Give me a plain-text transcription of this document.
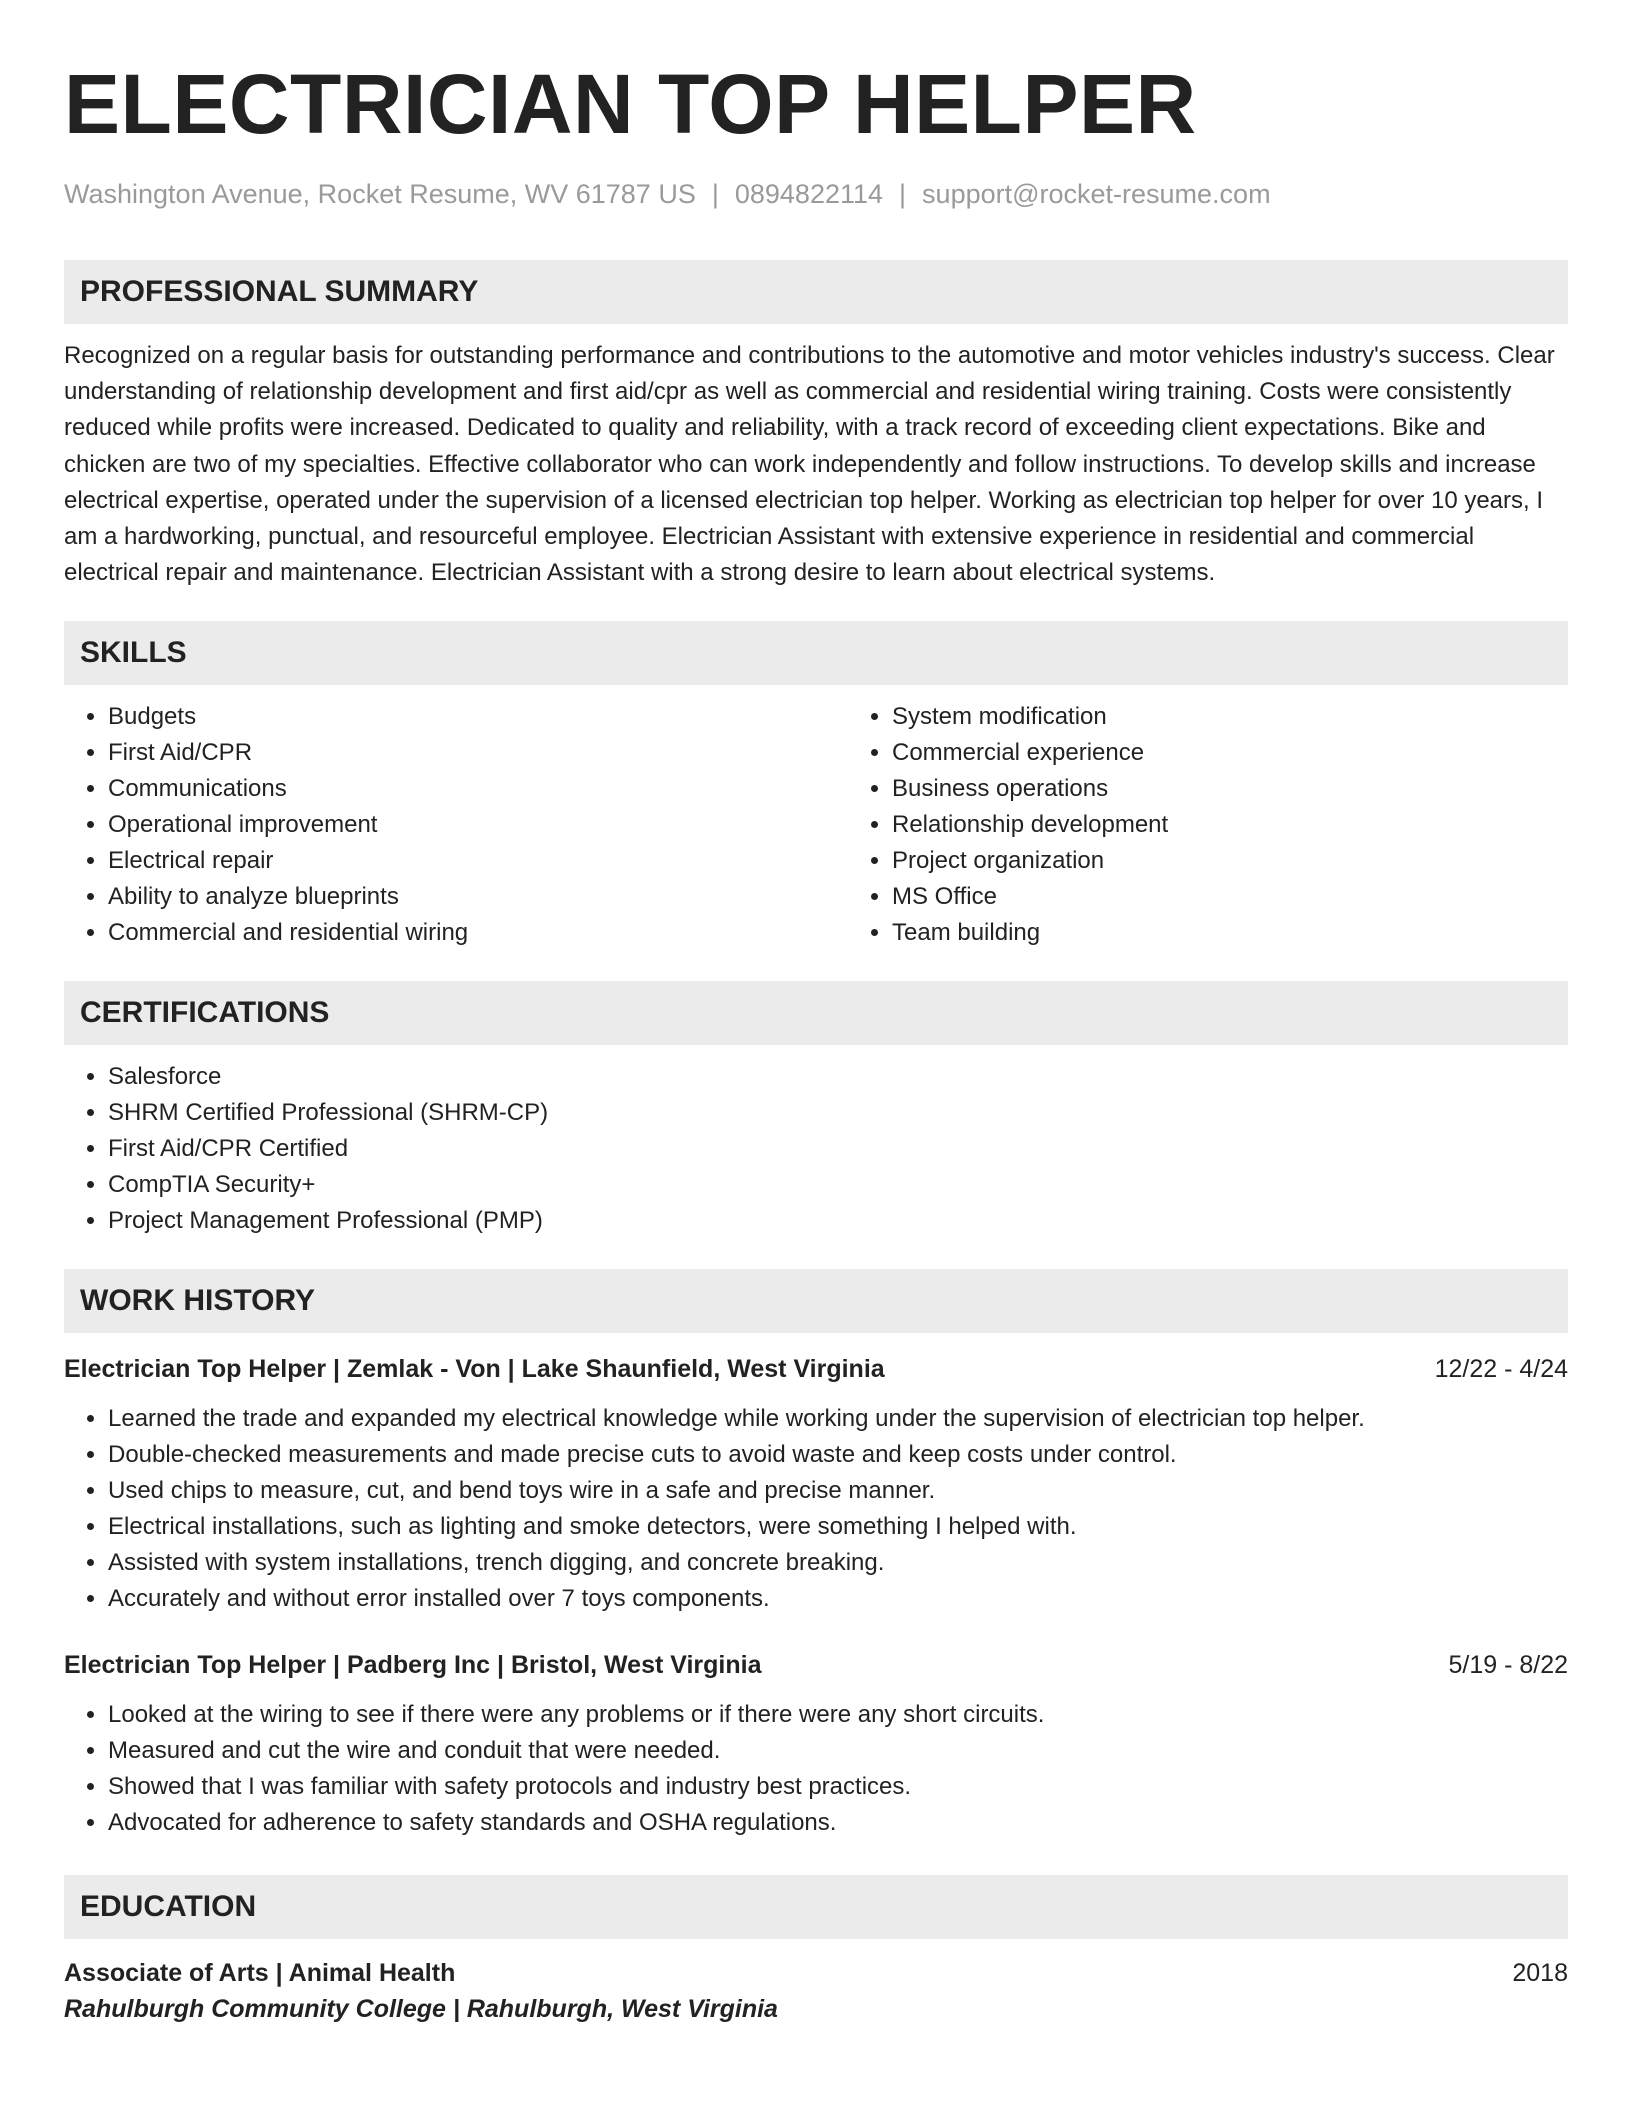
ELECTRICIAN TOP HELPER
Washington Avenue, Rocket Resume, WV 61787 US | 0894822114 | support@rocket-resume.com
PROFESSIONAL SUMMARY

Recognized on a regular basis for outstanding performance and contributions to the automotive and motor vehicles industry's success. Clear understanding of relationship development and first aid/cpr as well as commercial and residential wiring training. Costs were consistently reduced while profits were increased. Dedicated to quality and reliability, with a track record of exceeding client expectations. Bike and chicken are two of my specialties. Effective collaborator who can work independently and follow instructions. To develop skills and increase electrical expertise, operated under the supervision of a licensed electrician top helper. Working as electrician top helper for over 10 years, I am a hardworking, punctual, and resourceful employee. Electrician Assistant with extensive experience in residential and commercial electrical repair and maintenance. Electrician Assistant with a strong desire to learn about electrical systems.

SKILLS
• Budgets
• First Aid/CPR
• Communications
• Operational improvement
• Electrical repair
• Ability to analyze blueprints
• Commercial and residential wiring
• System modification
• Commercial experience
• Business operations
• Relationship development
• Project organization
• MS Office
• Team building
CERTIFICATIONS
• Salesforce
• SHRM Certified Professional (SHRM-CP)
• First Aid/CPR Certified
• CompTIA Security+
• Project Management Professional (PMP)
WORK HISTORY
Electrician Top Helper | Zemlak - Von | Lake Shaunfield, West Virginia	12/22 - 4/24
• Learned the trade and expanded my electrical knowledge while working under the supervision of electrician top helper.
• Double-checked measurements and made precise cuts to avoid waste and keep costs under control.
• Used chips to measure, cut, and bend toys wire in a safe and precise manner.
• Electrical installations, such as lighting and smoke detectors, were something I helped with.
• Assisted with system installations, trench digging, and concrete breaking.
• Accurately and without error installed over 7 toys components.
Electrician Top Helper | Padberg Inc | Bristol, West Virginia	5/19 - 8/22
• Looked at the wiring to see if there were any problems or if there were any short circuits.
• Measured and cut the wire and conduit that were needed.
• Showed that I was familiar with safety protocols and industry best practices.
• Advocated for adherence to safety standards and OSHA regulations.
EDUCATION
Associate of Arts | Animal Health	2018
Rahulburgh Community College | Rahulburgh, West Virginia
